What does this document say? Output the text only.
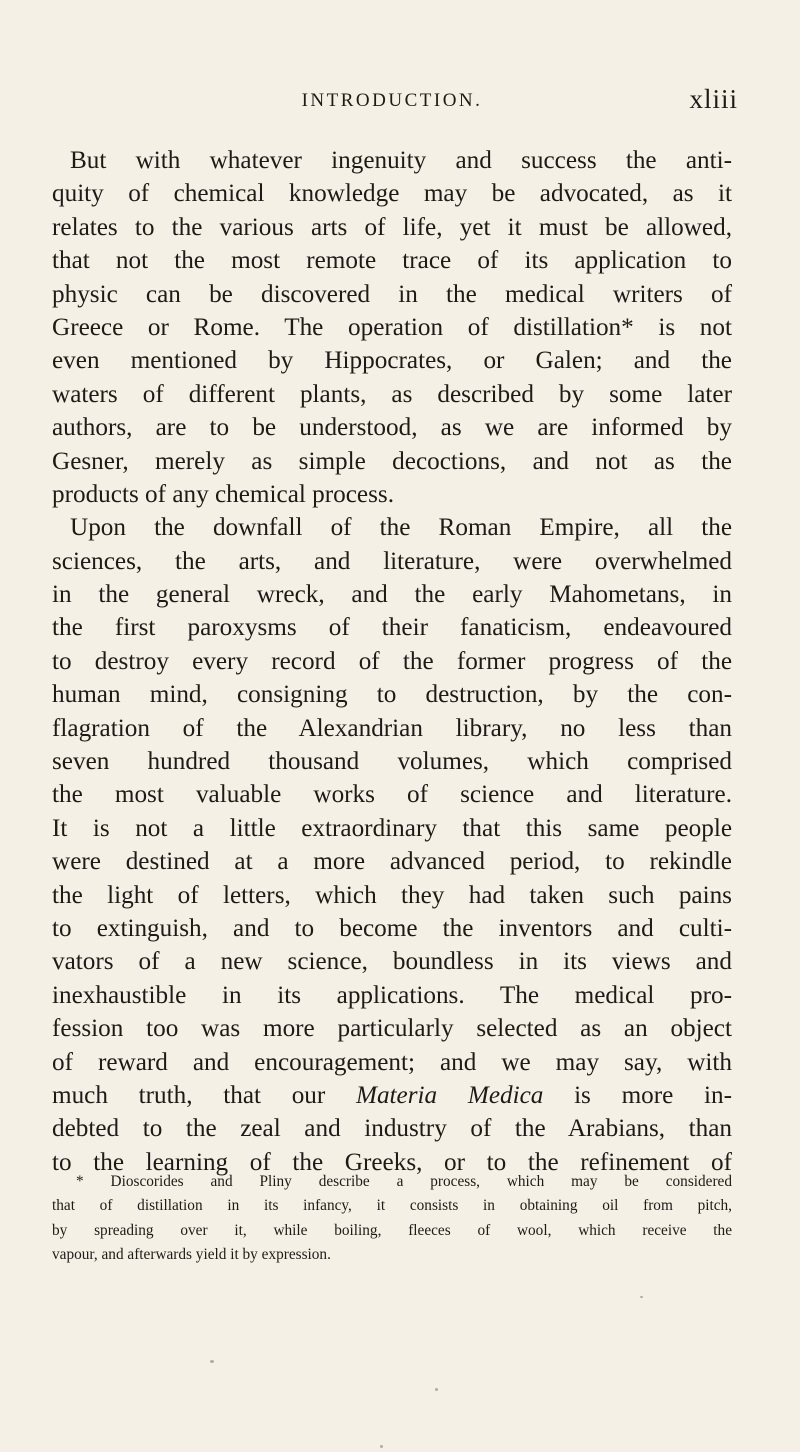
INTRODUCTION.	xliii
But with whatever ingenuity and success the anti-
quity of chemical knowledge may be advocated, as it
relates to the various arts of life, yet it must be allowed,
that not the most remote trace of its application to
physic can be discovered in the medical writers of
Greece or Rome. The operation of distillation* is not
even mentioned by Hippocrates, or Galen; and the
waters of different plants, as described by some later
authors, are to be understood, as we are informed by
Gesner, merely as simple decoctions, and not as the
products of any chemical process.
Upon the downfall of the Roman Empire, all the
sciences, the arts, and literature, were overwhelmed
in the general wreck, and the early Mahometans, in
the first paroxysms of their fanaticism, endeavoured
to destroy every record of the former progress of the
human mind, consigning to destruction, by the con-
flagration of the Alexandrian library, no less than
seven hundred thousand volumes, which comprised
the most valuable works of science and literature.
It is not a little extraordinary that this same people
were destined at a more advanced period, to rekindle
the light of letters, which they had taken such pains
to extinguish, and to become the inventors and culti-
vators of a new science, boundless in its views and
inexhaustible in its applications. The medical pro-
fession too was more particularly selected as an object
of reward and encouragement; and we may say, with
much truth, that our Materia Medica is more in-
debted to the zeal and industry of the Arabians, than
to the learning of the Greeks, or to the refinement of
* Dioscorides and Pliny describe a process, which may be considered
that of distillation in its infancy, it consists in obtaining oil from pitch,
by spreading over it, while boiling, fleeces of wool, which receive the
vapour, and afterwards yield it by expression.
